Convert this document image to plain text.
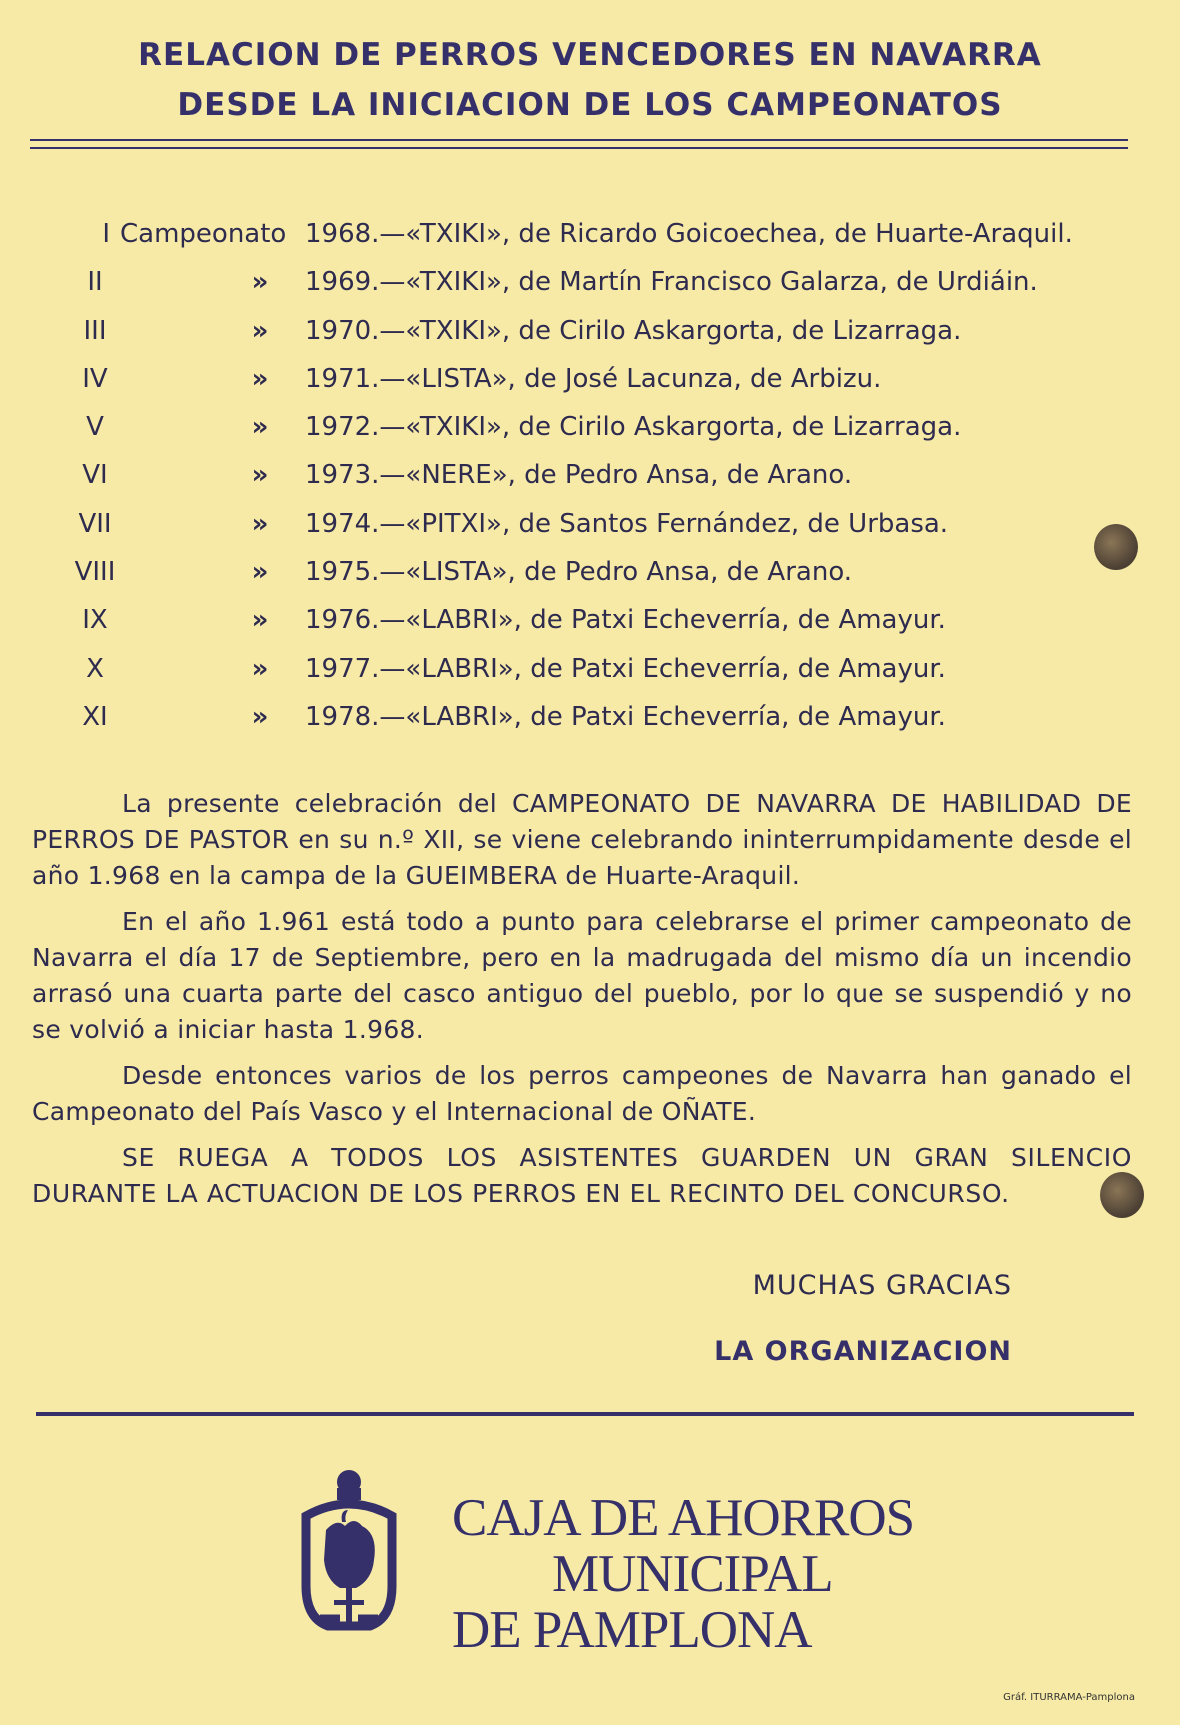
RELACION DE PERROS VENCEDORES EN NAVARRA
DESDE LA INICIACION DE LOS CAMPEONATOS
I Campeonato 1968.—«TXIKI», de Ricardo Goicoechea, de Huarte-Araquil.
II	»	1969.—«TXIKI», de Martín Francisco Galarza, de Urdiáin.
III	»	1970.—«TXIKI», de Cirilo Askargorta, de Lizarraga.
IV	»	1971.—«LISTA», de José Lacunza, de Arbizu.
V	»	1972.—«TXIKI», de Cirilo Askargorta, de Lizarraga.
VI	»	1973.—«NERE», de Pedro Ansa, de Arano.
VII	»	1974.—«PITXI», de Santos Fernández, de Urbasa.
VIII	»	1975.—«LISTA», de Pedro Ansa, de Arano.
IX	»	1976.—«LABRI», de Patxi Echeverría, de Amayur.
X	»	1977.—«LABRI», de Patxi Echeverría, de Amayur.
XI	»	1978.—«LABRI», de Patxi Echeverría, de Amayur.

La presente celebración del CAMPEONATO DE NAVARRA DE HABILIDAD DE PERROS DE PASTOR en su n.º XII, se viene celebrando ininterrumpidamente desde el año 1.968 en la campa de la GUEIMBERA de Huarte-Araquil.

En el año 1.961 está todo a punto para celebrarse el primer campeonato de Navarra el día 17 de Septiembre, pero en la madrugada del mismo día un incendio arrasó una cuarta parte del casco antiguo del pueblo, por lo que se suspendió y no se volvió a iniciar hasta 1.968.

Desde entonces varios de los perros campeones de Navarra han ganado el Campeonato del País Vasco y el Internacional de OÑATE.

SE RUEGA A TODOS LOS ASISTENTES GUARDEN UN GRAN SILENCIO DURANTE LA ACTUACION DE LOS PERROS EN EL RECINTO DEL CONCURSO.

MUCHAS GRACIAS
LA ORGANIZACION
CAJA DE AHORROS
MUNICIPAL
DE PAMPLONA
Gráf. ITURRAMA-Pamplona
